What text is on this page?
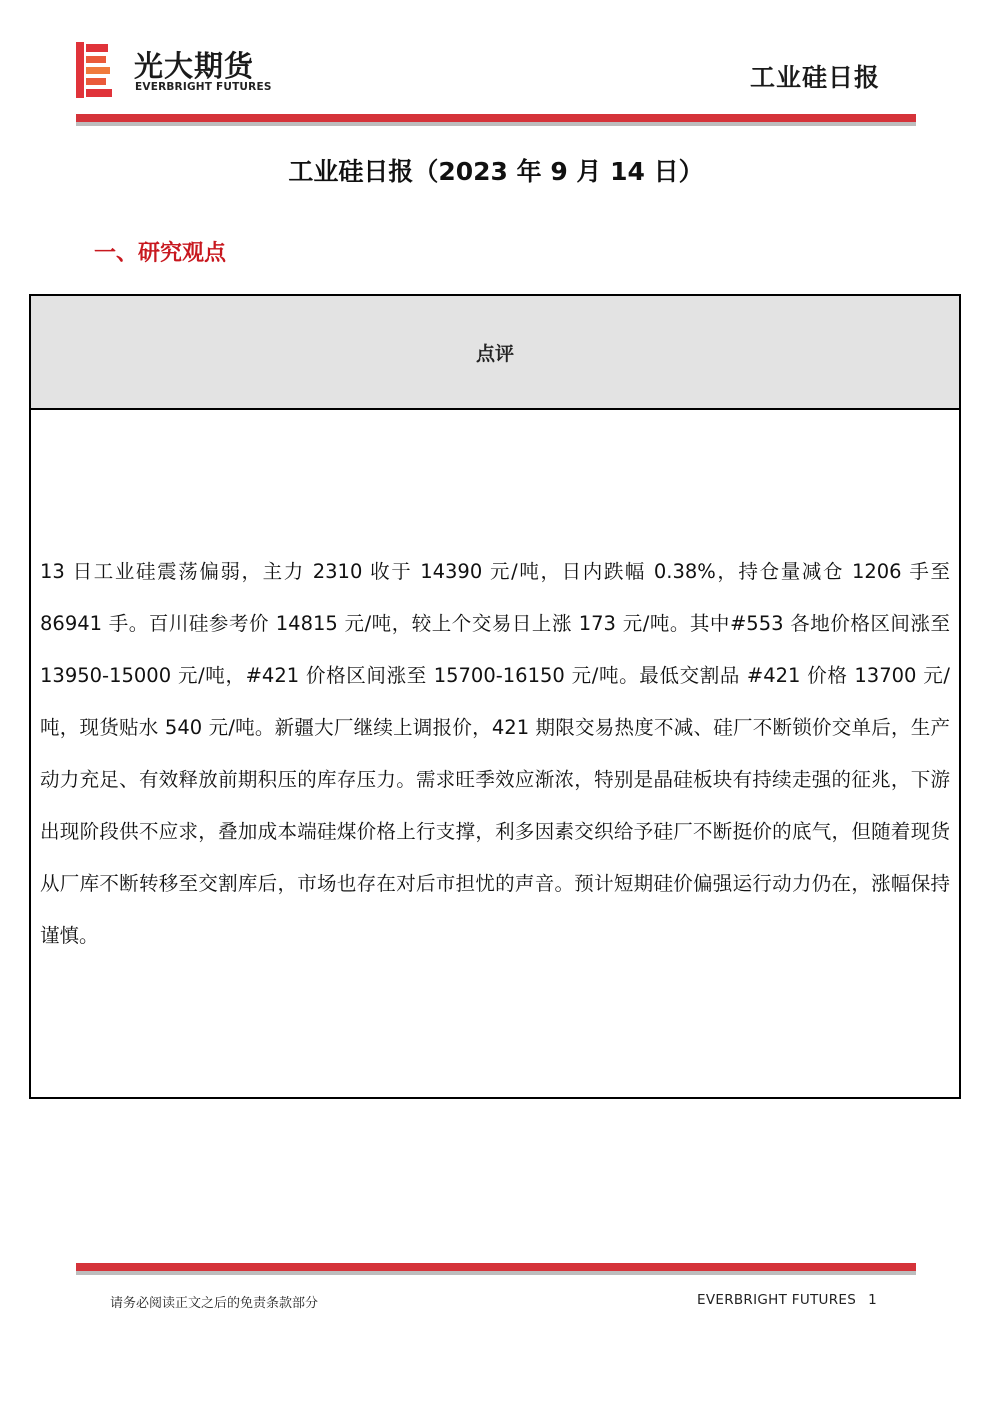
光大期货
EVERBRIGHT FUTURES	工业硅日报
工业硅日报（2023 年 9 月 14 日）
一、研究观点
点评

13 日工业硅震荡偏弱，主力 2310 收于 14390 元/吨，日内跌幅 0.38%，持仓量减仓 1206 手至 86941 手。百川硅参考价 14815 元/吨，较上个交易日上涨 173 元/吨。其中#553 各地价格区间涨至 13950-15000 元/吨，#421 价格区间涨至 15700-16150 元/吨。最低交割品 #421 价格 13700 元/吨，现货贴水 540 元/吨。新疆大厂继续上调报价，421 期限交易热度不减、硅厂不断锁价交单后，生产动力充足、有效释放前期积压的库存压力。需求旺季效应渐浓，特别是晶硅板块有持续走强的征兆，下游出现阶段供不应求，叠加成本端硅煤价格上行支撑，利多因素交织给予硅厂不断挺价的底气，但随着现货从厂库不断转移至交割库后，市场也存在对后市担忧的声音。预计短期硅价偏强运行动力仍在，涨幅保持谨慎。

请务必阅读正文之后的免责条款部分	EVERBRIGHT FUTURES 1
